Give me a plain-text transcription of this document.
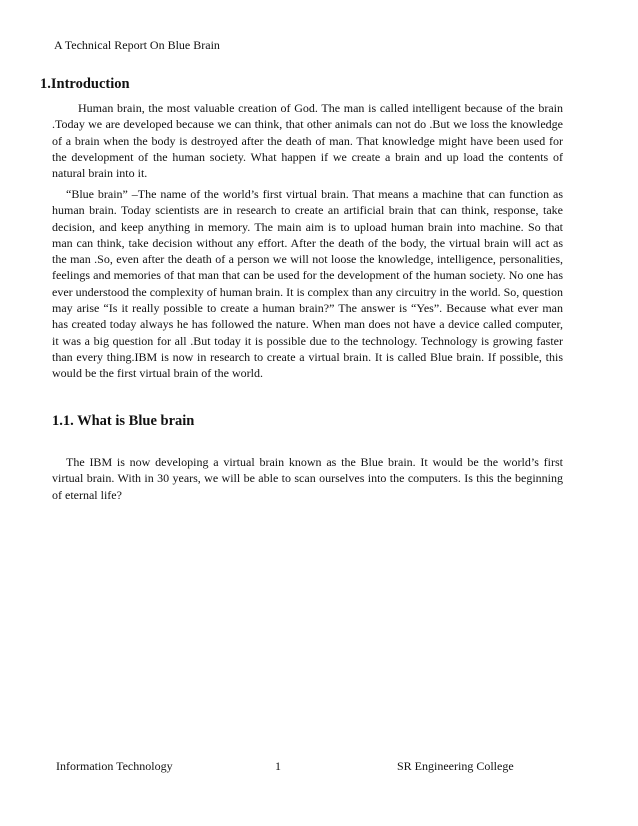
A Technical Report On Blue Brain
1.Introduction

Human brain, the most valuable creation of God. The man is called intelligent because of the brain .Today we are developed because we can think, that other animals can not do .But we loss the knowledge of a brain when the body is destroyed after the death of man. That knowledge might have been used for the development of the human society. What happen if we create a brain and up load the contents of natural brain into it.

“Blue brain” –The name of the world’s first virtual brain. That means a machine that can function as human brain. Today scientists are in research to create an artificial brain that can think, response, take decision, and keep anything in memory. The main aim is to upload human brain into machine. So that man can think, take decision without any effort. After the death of the body, the virtual brain will act as the man .So, even after the death of a person we will not loose the knowledge, intelligence, personalities, feelings and memories of that man that can be used for the development of the human society. No one has ever understood the complexity of human brain. It is complex than any circuitry in the world. So, question may arise “Is it really possible to create a human brain?” The answer is “Yes”. Because what ever man has created today always he has followed the nature. When man does not have a device called computer, it was a big question for all .But today it is possible due to the technology. Technology is growing faster than every thing.IBM is now in research to create a virtual brain. It is called Blue brain. If possible, this would be the first virtual brain of the world.

1.1. What is Blue brain

The IBM is now developing a virtual brain known as the Blue brain. It would be the world’s first virtual brain. With in 30 years, we will be able to scan ourselves into the computers. Is this the beginning of eternal life?

Information Technology	1	SR Engineering College
